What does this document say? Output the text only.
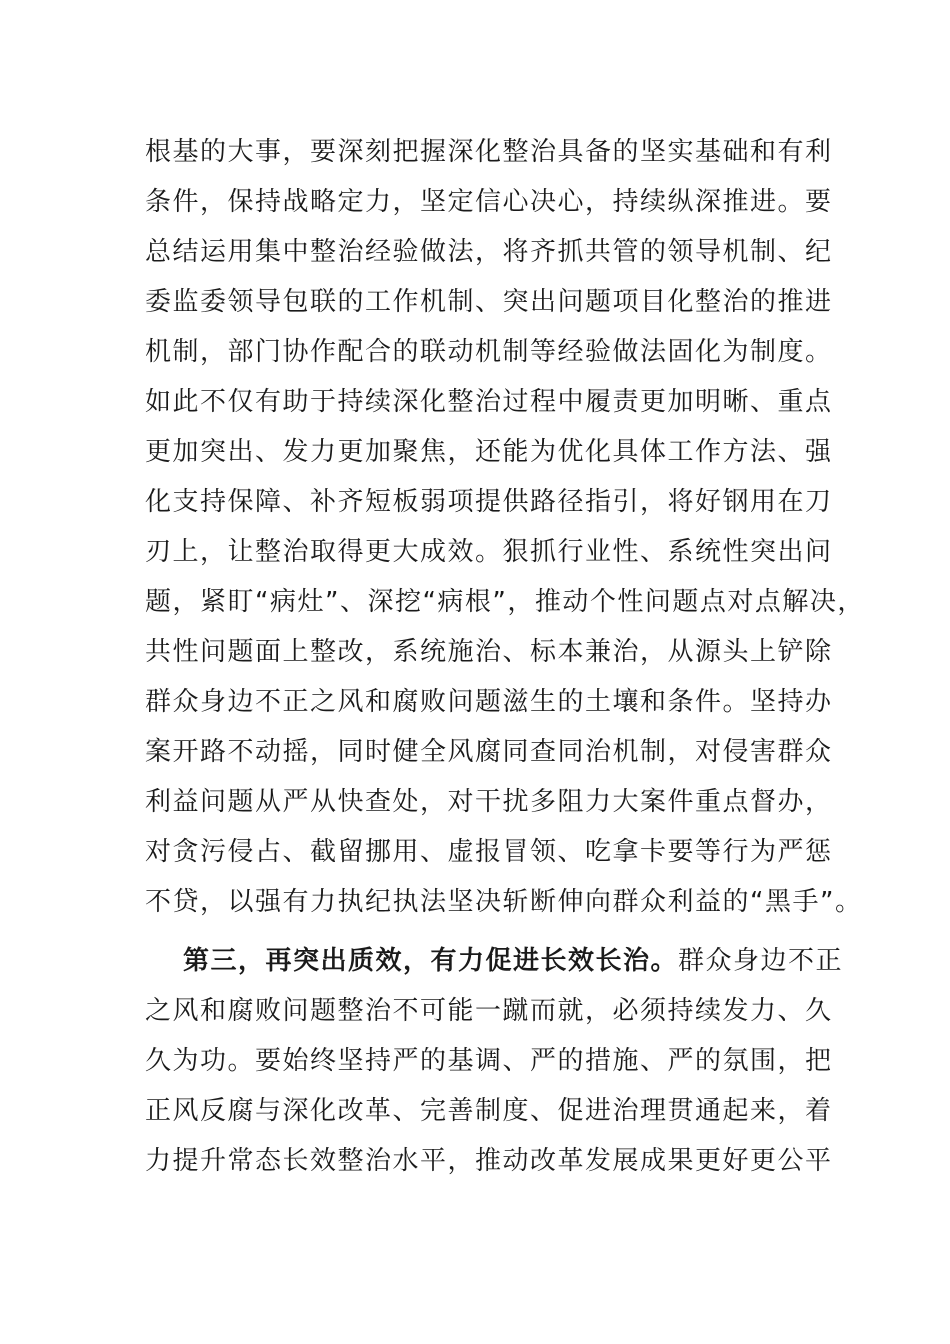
根基的大事，要深刻把握深化整治具备的坚实基础和有利
条件，保持战略定力，坚定信心决心，持续纵深推进。要
总结运用集中整治经验做法，将齐抓共管的领导机制、纪
委监委领导包联的工作机制、突出问题项目化整治的推进
机制，部门协作配合的联动机制等经验做法固化为制度。
如此不仅有助于持续深化整治过程中履责更加明晰、重点
更加突出、发力更加聚焦，还能为优化具体工作方法、强
化支持保障、补齐短板弱项提供路径指引，将好钢用在刀
刃上，让整治取得更大成效。狠抓行业性、系统性突出问
题，紧盯“病灶”、深挖“病根”，推动个性问题点对点解决，
共性问题面上整改，系统施治、标本兼治，从源头上铲除
群众身边不正之风和腐败问题滋生的土壤和条件。坚持办
案开路不动摇，同时健全风腐同查同治机制，对侵害群众
利益问题从严从快查处，对干扰多阻力大案件重点督办，
对贪污侵占、截留挪用、虚报冒领、吃拿卡要等行为严惩
不贷，以强有力执纪执法坚决斩断伸向群众利益的“黑手”。
第三，再突出质效，有力促进长效长治。群众身边不正
之风和腐败问题整治不可能一蹴而就，必须持续发力、久
久为功。要始终坚持严的基调、严的措施、严的氛围，把
正风反腐与深化改革、完善制度、促进治理贯通起来，着
力提升常态长效整治水平，推动改革发展成果更好更公平
